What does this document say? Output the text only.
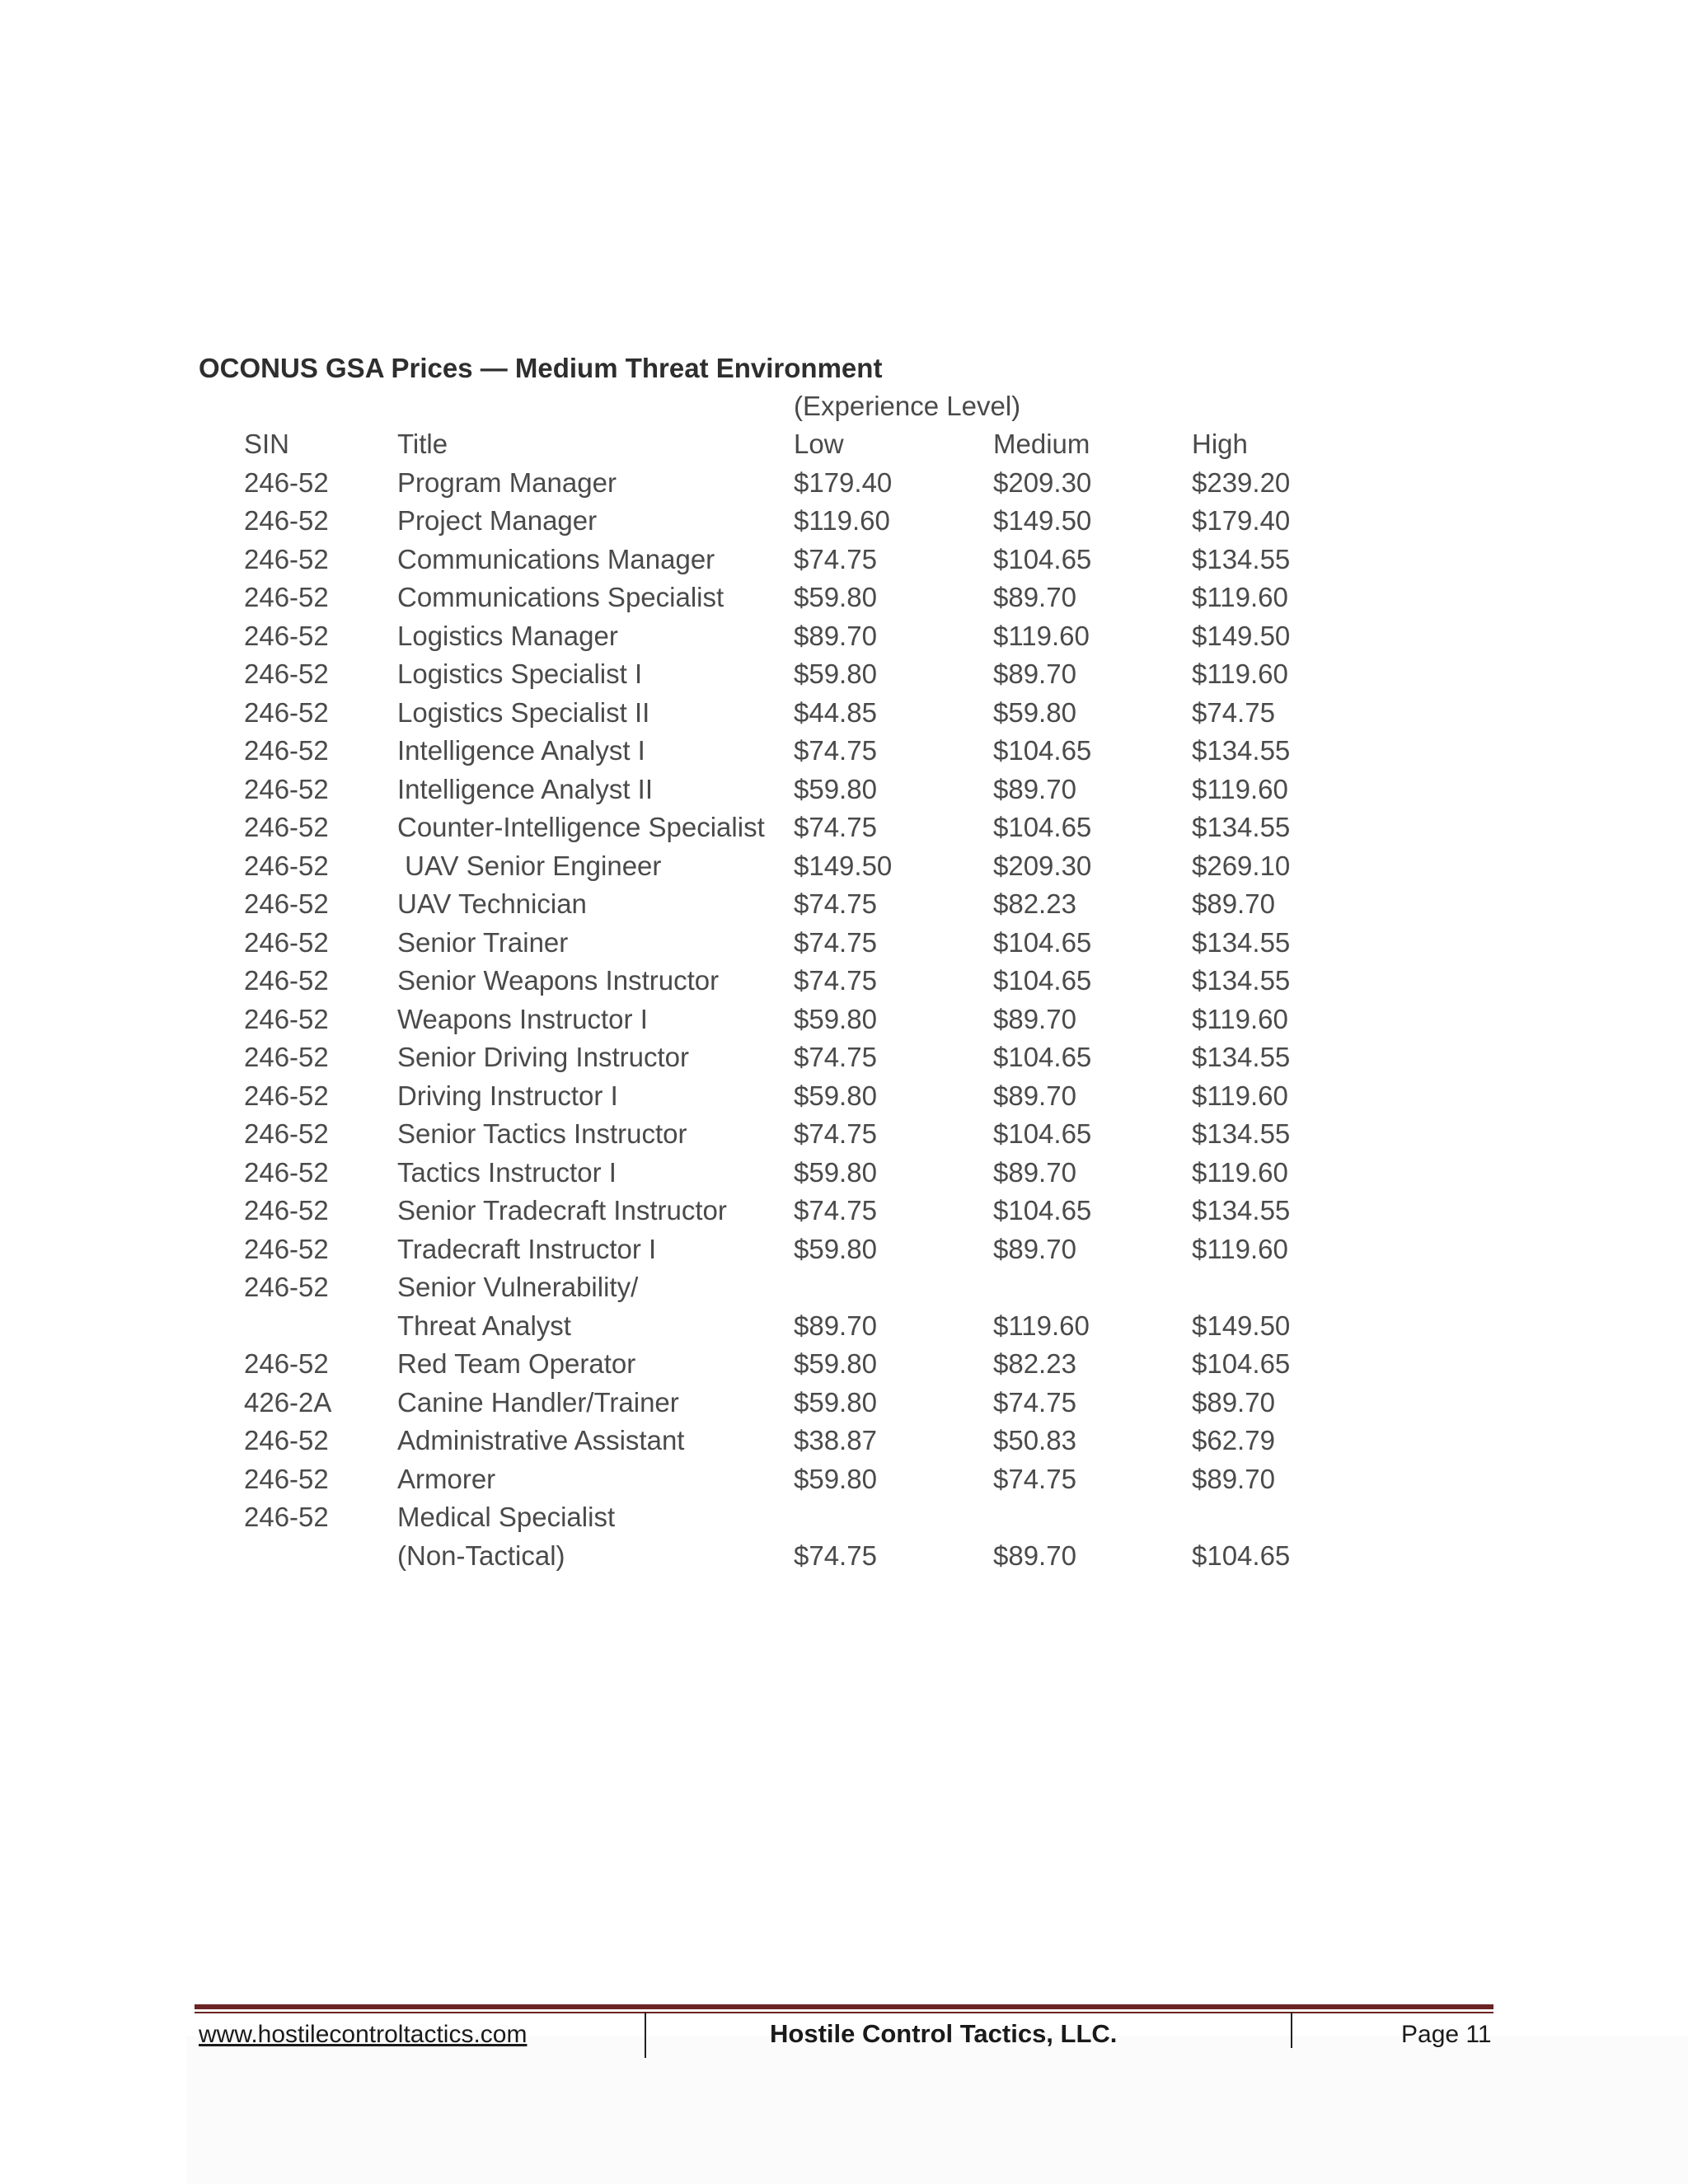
OCONUS GSA Prices — Medium Threat Environment
(Experience Level)
SIN	Title	Low	Medium	High
246-52	Program Manager	$179.40	$209.30	$239.20
246-52	Project Manager	$119.60	$149.50	$179.40
246-52	Communications Manager	$74.75	$104.65	$134.55
246-52	Communications Specialist	$59.80	$89.70	$119.60
246-52	Logistics Manager	$89.70	$119.60	$149.50
246-52	Logistics Specialist I	$59.80	$89.70	$119.60
246-52	Logistics Specialist II	$44.85	$59.80	$74.75
246-52	Intelligence Analyst I	$74.75	$104.65	$134.55
246-52	Intelligence Analyst II	$59.80	$89.70	$119.60
246-52	Counter-Intelligence Specialist $74.75	$104.65	$134.55
246-52	UAV Senior Engineer	$149.50	$209.30	$269.10
246-52	UAV Technician	$74.75	$82.23	$89.70
246-52	Senior Trainer	$74.75	$104.65	$134.55
246-52	Senior Weapons Instructor	$74.75	$104.65	$134.55
246-52	Weapons Instructor I	$59.80	$89.70	$119.60
246-52	Senior Driving Instructor	$74.75	$104.65	$134.55
246-52	Driving Instructor I	$59.80	$89.70	$119.60
246-52	Senior Tactics Instructor	$74.75	$104.65	$134.55
246-52	Tactics Instructor I	$59.80	$89.70	$119.60
246-52	Senior Tradecraft Instructor $74.75	$104.65	$134.55
246-52	Tradecraft Instructor I	$59.80	$89.70	$119.60
246-52	Senior Vulnerability/
Threat Analyst	$89.70	$119.60	$149.50
246-52	Red Team Operator	$59.80	$82.23	$104.65
426-2A Canine Handler/Trainer	$59.80	$74.75	$89.70
246-52	Administrative Assistant	$38.87	$50.83	$62.79
246-52	Armorer	$59.80	$74.75	$89.70
246-52	Medical Specialist
(Non-Tactical)	$74.75	$89.70	$104.65
www.hostilecontroltactics.com	Hostile Control Tactics, LLC.	Page 11
